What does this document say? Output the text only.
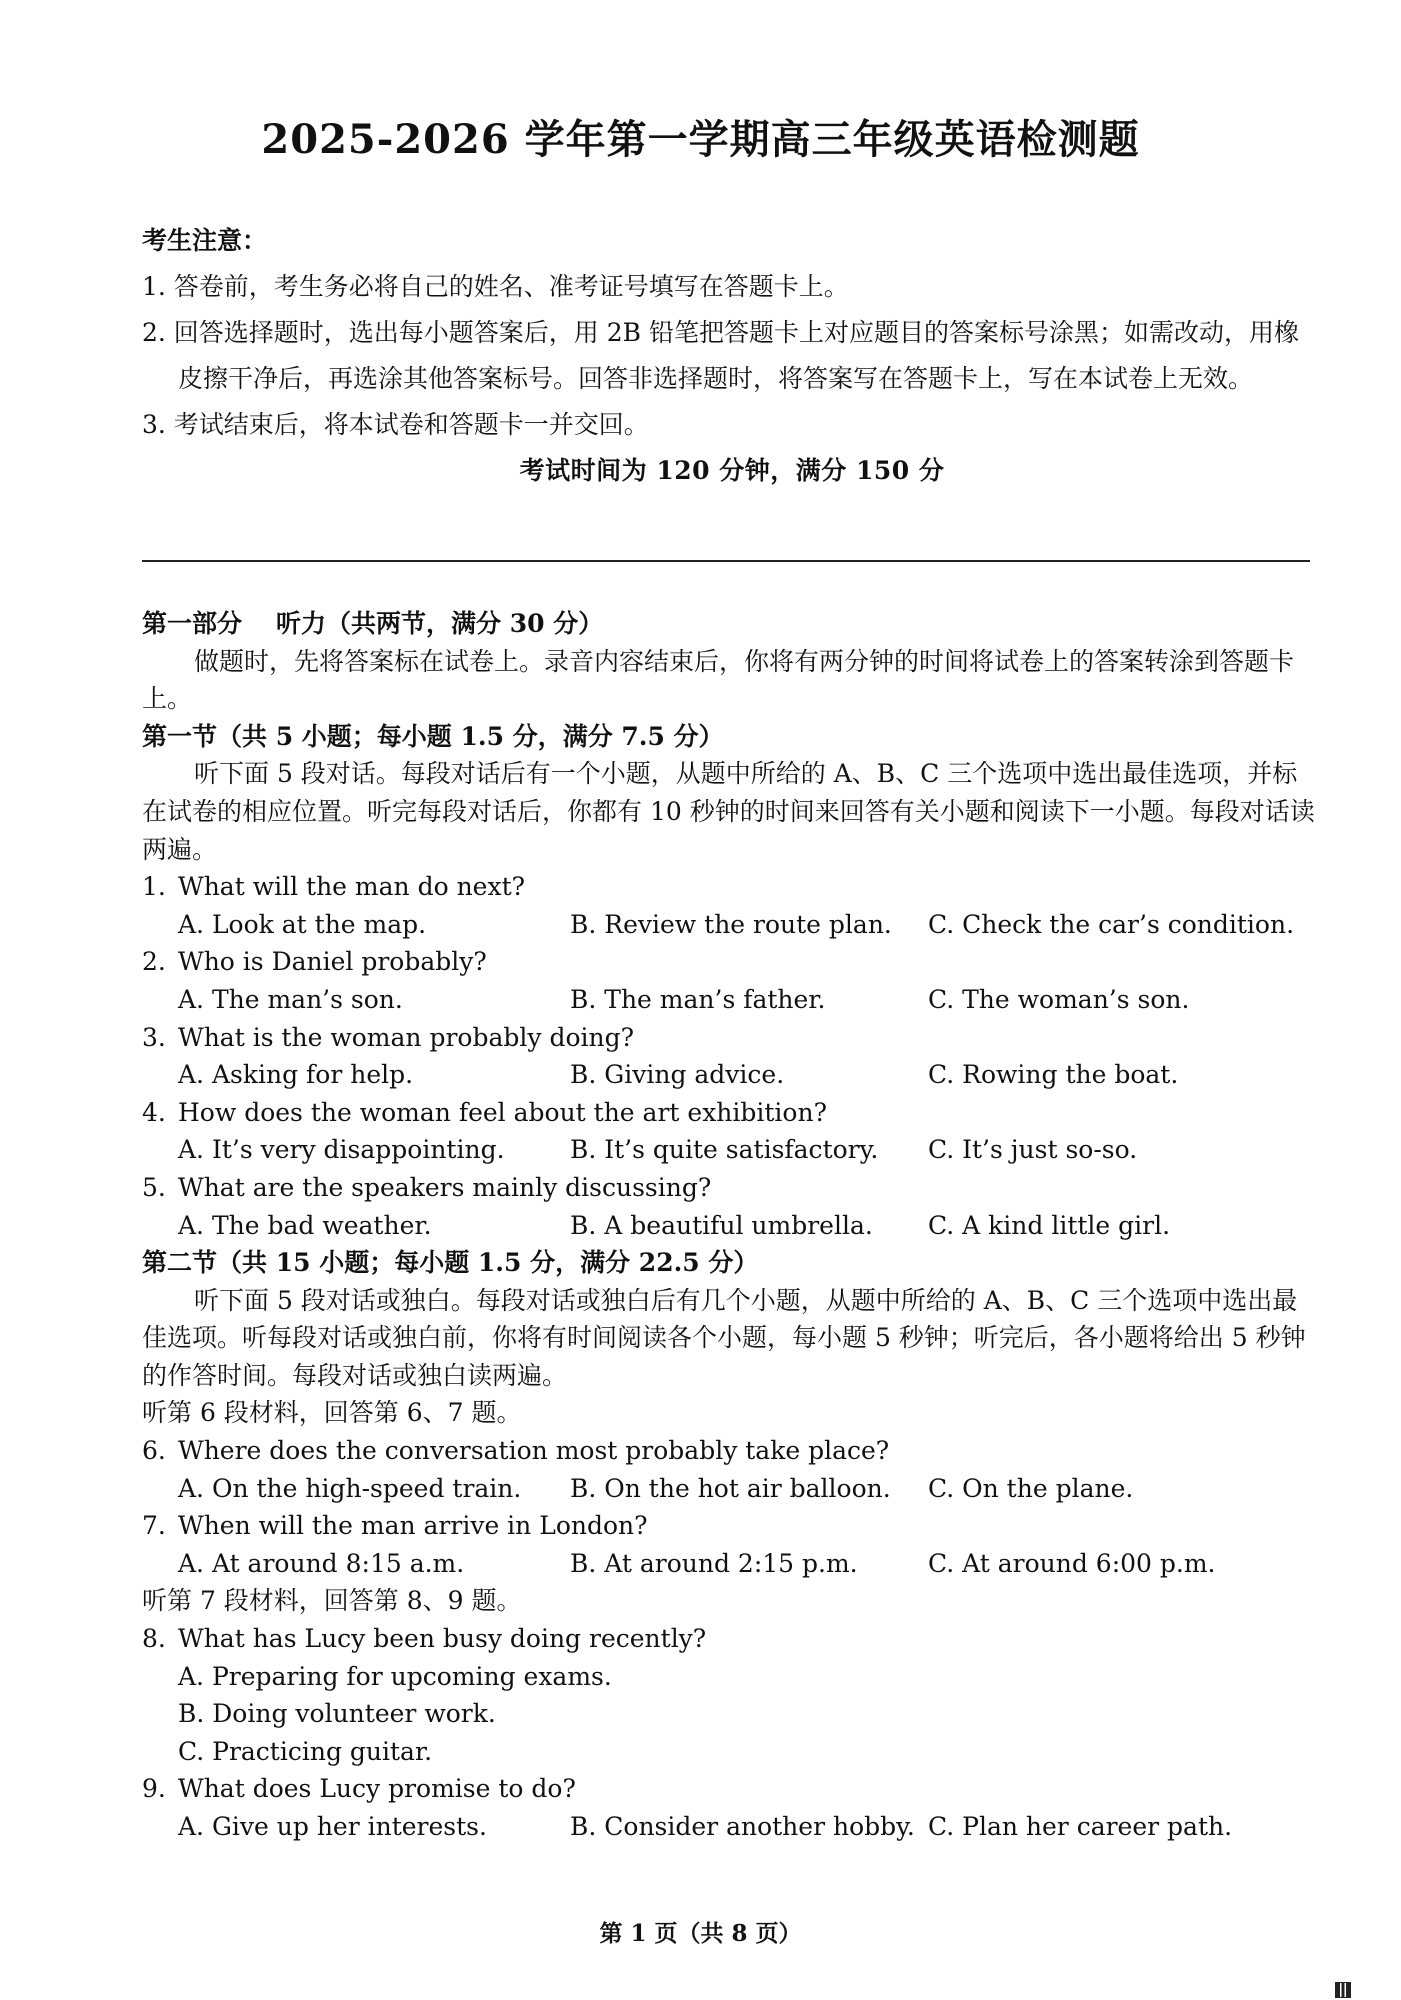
2025-2026 学年第一学期高三年级英语检测题
考生注意：
1. 答卷前，考生务必将自己的姓名、准考证号填写在答题卡上。
2. 回答选择题时，选出每小题答案后，用 2B 铅笔把答题卡上对应题目的答案标号涂黑；如需改动，用橡皮擦干净后，再选涂其他答案标号。回答非选择题时，将答案写在答题卡上，写在本试卷上无效。
3. 考试结束后，将本试卷和答题卡一并交回。
考试时间为 120 分钟，满分 150 分
第一部分 听力（共两节，满分 30 分）
做题时，先将答案标在试卷上。录音内容结束后，你将有两分钟的时间将试卷上的答案转涂到答题卡上。
第一节（共 5 小题；每小题 1.5 分，满分 7.5 分）
听下面 5 段对话。每段对话后有一个小题，从题中所给的 A、B、C 三个选项中选出最佳选项，并标在试卷的相应位置。听完每段对话后，你都有 10 秒钟的时间来回答有关小题和阅读下一小题。每段对话读两遍。
1. What will the man do next?
A. Look at the map.	B. Review the route plan.	C. Check the car’s condition.
2. Who is Daniel probably?
A. The man’s son.	B. The man’s father.	C. The woman’s son.
3. What is the woman probably doing?
A. Asking for help.	B. Giving advice.	C. Rowing the boat.
4. How does the woman feel about the art exhibition?
A. It’s very disappointing.	B. It’s quite satisfactory.	C. It’s just so-so.
5. What are the speakers mainly discussing?
A. The bad weather.	B. A beautiful umbrella.	C. A kind little girl.
第二节（共 15 小题；每小题 1.5 分，满分 22.5 分）
听下面 5 段对话或独白。每段对话或独白后有几个小题，从题中所给的 A、B、C 三个选项中选出最佳选项。听每段对话或独白前，你将有时间阅读各个小题，每小题 5 秒钟；听完后，各小题将给出 5 秒钟的作答时间。每段对话或独白读两遍。
听第 6 段材料，回答第 6、7 题。
6. Where does the conversation most probably take place?
A. On the high-speed train.	B. On the hot air balloon.	C. On the plane.
7. When will the man arrive in London?
A. At around 8:15 a.m.	B. At around 2:15 p.m.	C. At around 6:00 p.m.
听第 7 段材料，回答第 8、9 题。
8. What has Lucy been busy doing recently?
A. Preparing for upcoming exams.
B. Doing volunteer work.
C. Practicing guitar.
9. What does Lucy promise to do?
A. Give up her interests.	B. Consider another hobby. C. Plan her career path.
第 1 页（共 8 页）
